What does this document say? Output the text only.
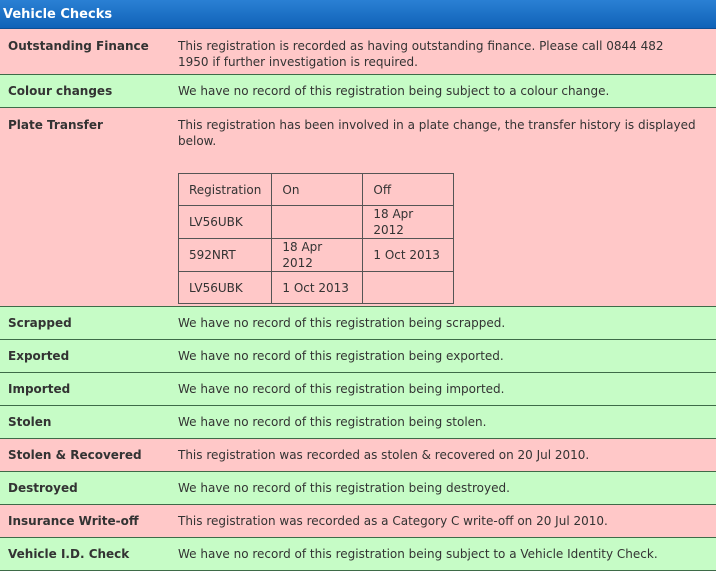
Vehicle Checks
Outstanding Finance	This registration is recorded as having outstanding finance. Please call 0844 482 1950 if further investigation is required.
Colour changes	We have no record of this registration being subject to a colour change.
Plate Transfer	This registration has been involved in a plate change, the transfer history is displayed below.
Registration	On	Off
LV56UBK		18 Apr 2012
592NRT	18 Apr 2012	1 Oct 2013
LV56UBK	1 Oct 2013	
Scrapped	We have no record of this registration being scrapped.
Exported	We have no record of this registration being exported.
Imported	We have no record of this registration being imported.
Stolen	We have no record of this registration being stolen.
Stolen & Recovered	This registration was recorded as stolen & recovered on 20 Jul 2010.
Destroyed	We have no record of this registration being destroyed.
Insurance Write-off	This registration was recorded as a Category C write-off on 20 Jul 2010.
Vehicle I.D. Check	We have no record of this registration being subject to a Vehicle Identity Check.
